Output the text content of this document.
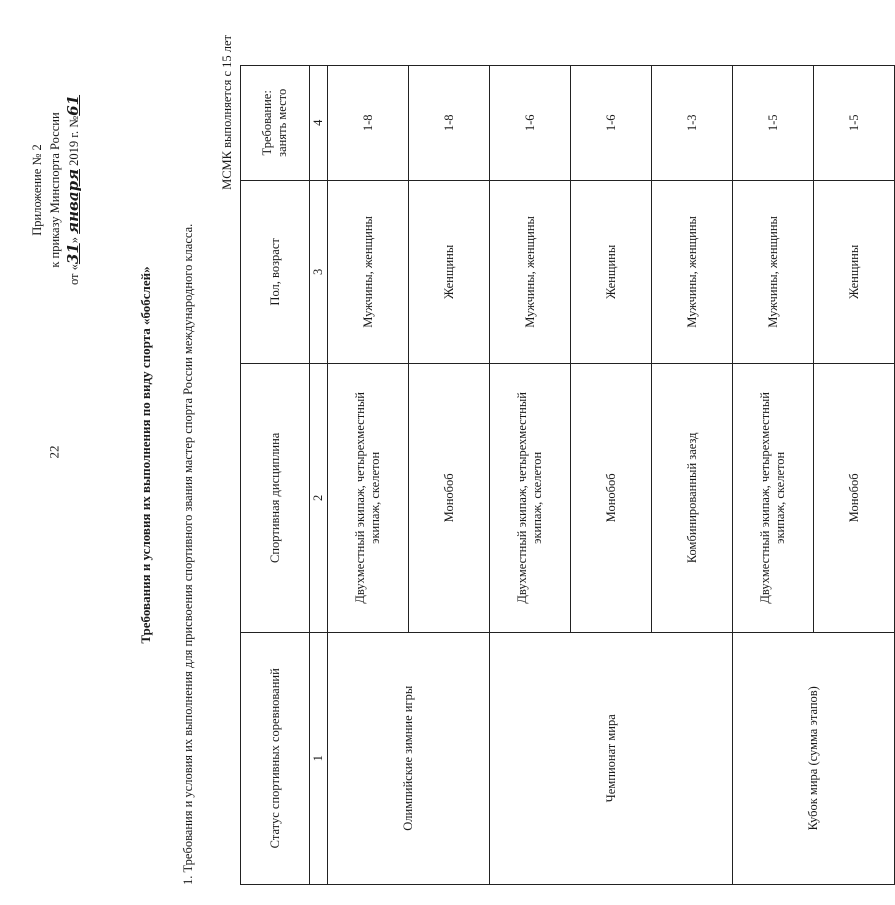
22
Приложение № 2 к приказу Минспорта России
от «31» января 2019 г. №61
Требования и условия их выполнения по виду спорта «бобслей» 1. Требования и условия их выполнения для присвоения спортивного звания мастер спорта России международного класса.
МСМК выполняется с 15 лет
Статус спортивных соревнований	Спортивная дисциплина	Пол, возраст	Требование: занять место
1	2	3	4
Олимпийские зимние игры	Двухместный экипаж, четырехместный экипаж, скелетон	Мужчины, женщины	1-8
	Монобоб	Женщины	1-8
Чемпионат мира	Двухместный экипаж, четырехместный экипаж, скелетон	Мужчины, женщины	1-6
	Монобоб	Женщины	1-6
	Комбинированный заезд	Мужчины, женщины	1-3
Кубок мира (сумма этапов)	Двухместный экипаж, четырехместный экипаж, скелетон	Мужчины, женщины	1-5
	Монобоб	Женщины	1-5
